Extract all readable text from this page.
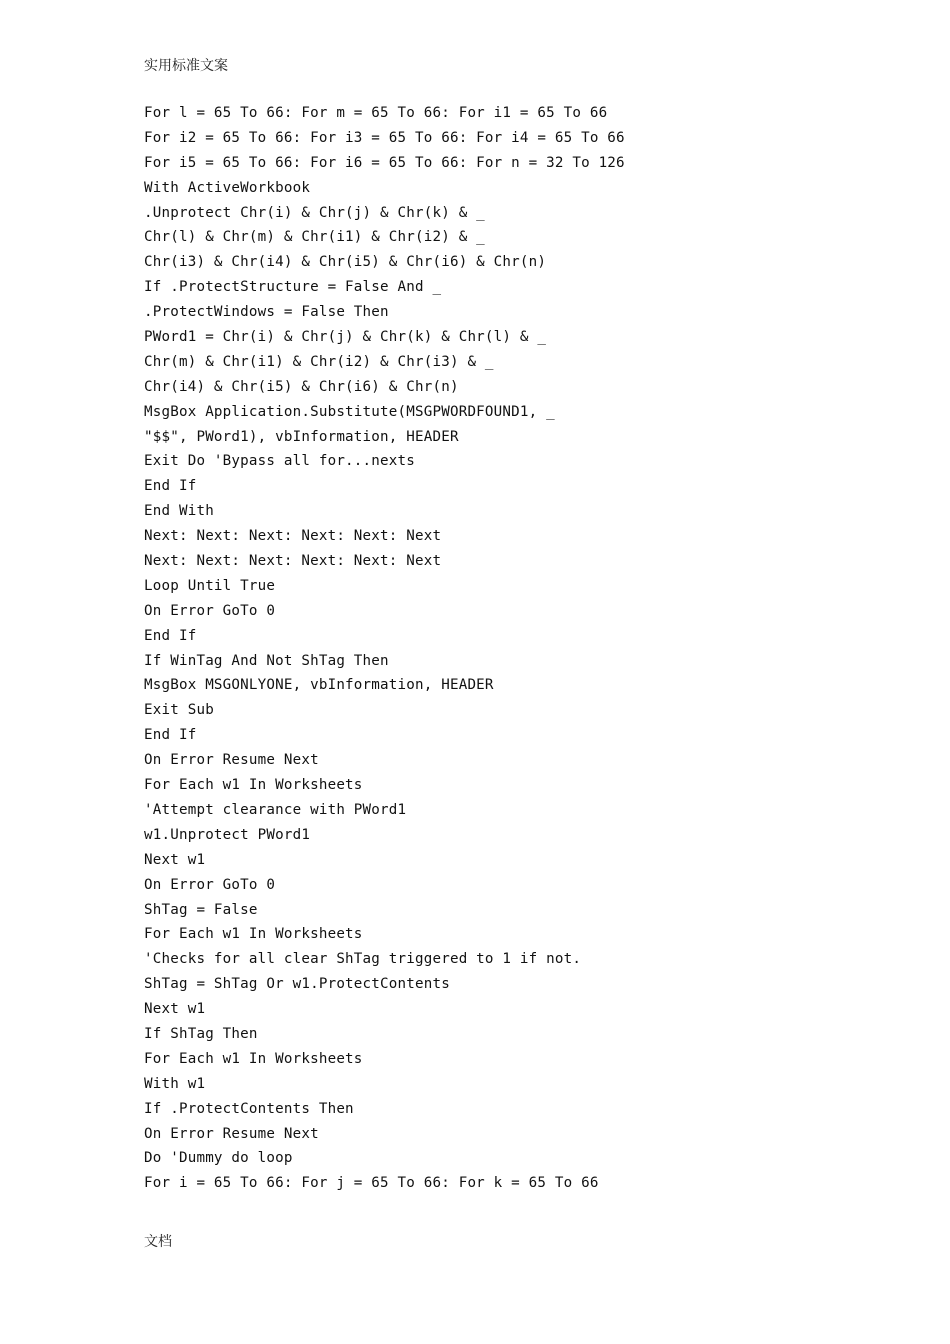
实用标准文案
For l = 65 To 66: For m = 65 To 66: For i1 = 65 To 66
For i2 = 65 To 66: For i3 = 65 To 66: For i4 = 65 To 66
For i5 = 65 To 66: For i6 = 65 To 66: For n = 32 To 126
With ActiveWorkbook
.Unprotect Chr(i) & Chr(j) & Chr(k) & _
Chr(l) & Chr(m) & Chr(i1) & Chr(i2) & _
Chr(i3) & Chr(i4) & Chr(i5) & Chr(i6) & Chr(n)
If .ProtectStructure = False And _
.ProtectWindows = False Then
PWord1 = Chr(i) & Chr(j) & Chr(k) & Chr(l) & _
Chr(m) & Chr(i1) & Chr(i2) & Chr(i3) & _
Chr(i4) & Chr(i5) & Chr(i6) & Chr(n)
MsgBox Application.Substitute(MSGPWORDFOUND1, _
"$$", PWord1), vbInformation, HEADER
Exit Do 'Bypass all for...nexts
End If
End With
Next: Next: Next: Next: Next: Next
Next: Next: Next: Next: Next: Next
Loop Until True
On Error GoTo 0
End If
If WinTag And Not ShTag Then
MsgBox MSGONLYONE, vbInformation, HEADER
Exit Sub
End If
On Error Resume Next
For Each w1 In Worksheets
'Attempt clearance with PWord1
w1.Unprotect PWord1
Next w1
On Error GoTo 0
ShTag = False
For Each w1 In Worksheets
'Checks for all clear ShTag triggered to 1 if not.
ShTag = ShTag Or w1.ProtectContents
Next w1
If ShTag Then
For Each w1 In Worksheets
With w1
If .ProtectContents Then
On Error Resume Next
Do 'Dummy do loop
For i = 65 To 66: For j = 65 To 66: For k = 65 To 66
文档
